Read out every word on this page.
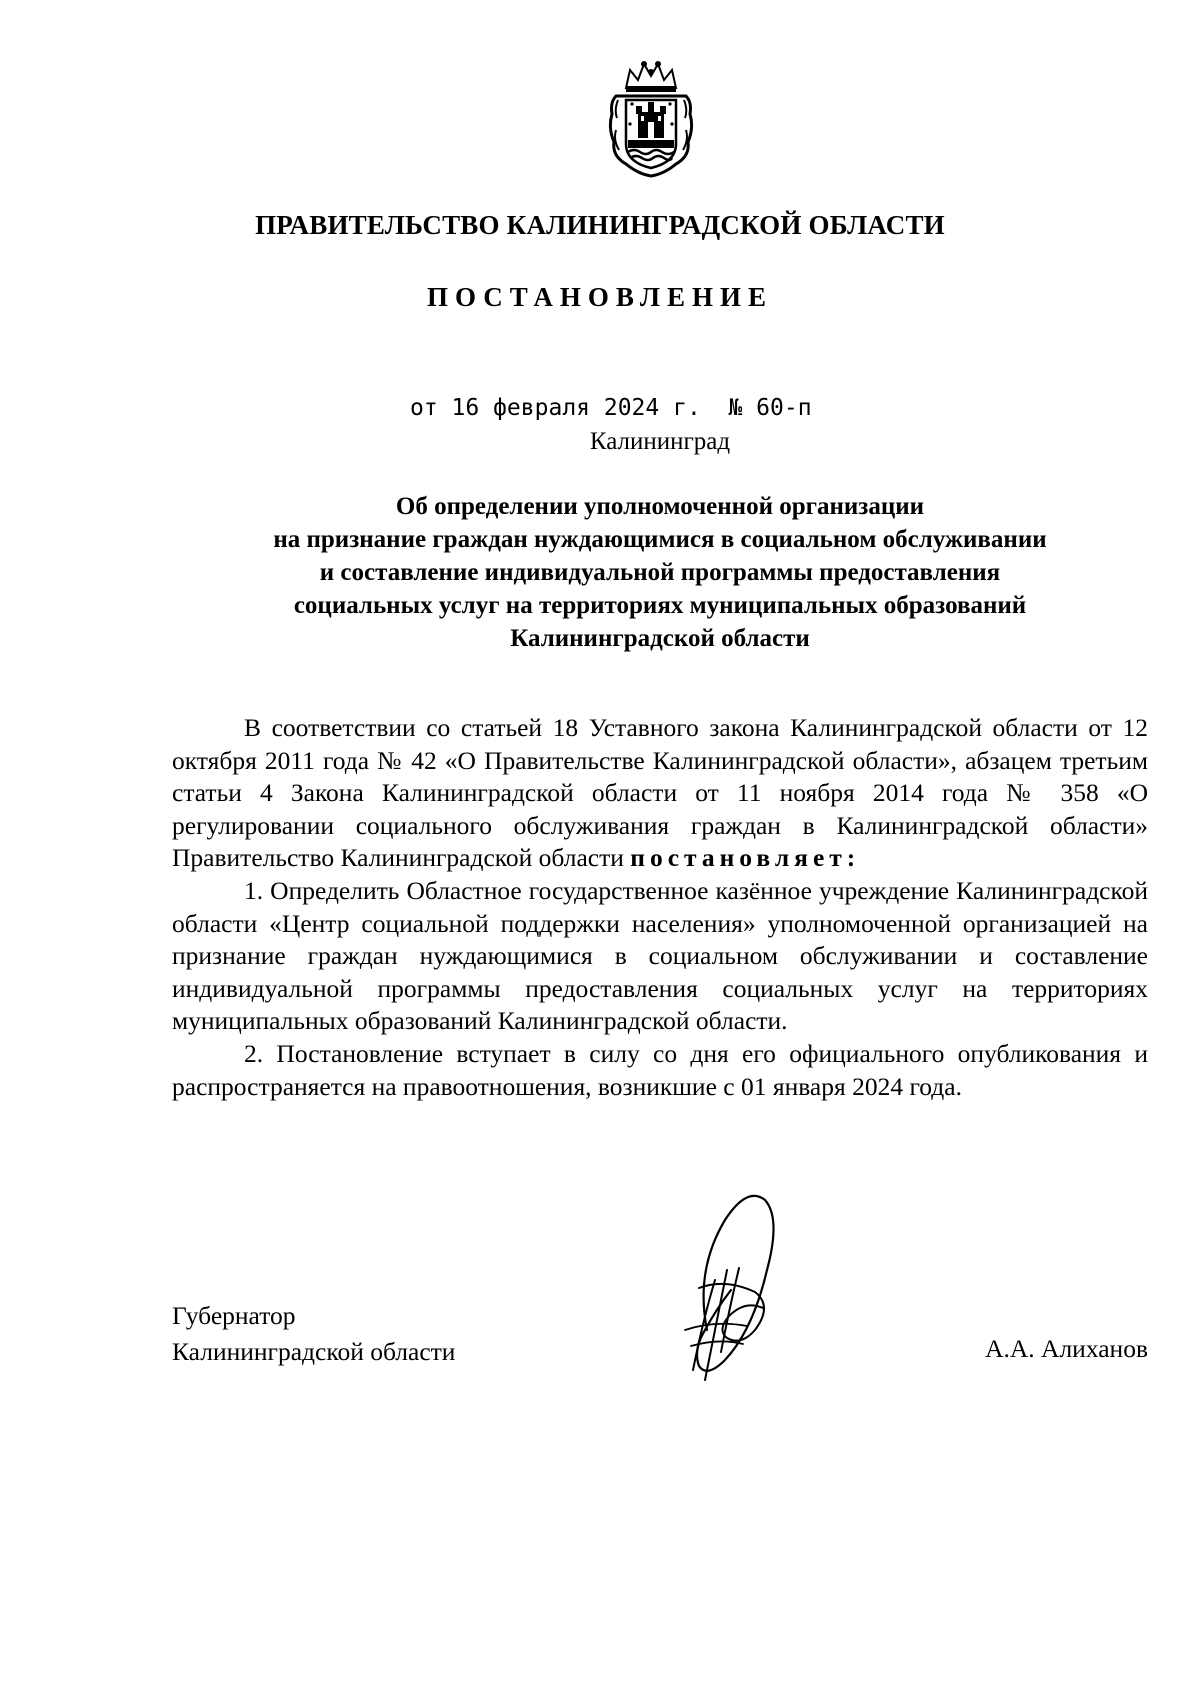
ПРАВИТЕЛЬСТВО КАЛИНИНГРАДСКОЙ ОБЛАСТИ
ПОСТАНОВЛЕНИЕ
от 16 февраля 2024 г.  № 60-п
Калининград
Об определении уполномоченной организации
на признание граждан нуждающимися в социальном обслуживании
и составление индивидуальной программы предоставления
социальных услуг на территориях муниципальных образований
Калининградской области

В соответствии со статьей 18 Уставного закона Калининградской области от 12 октября 2011 года № 42 «О Правительстве Калининградской области», абзацем третьим статьи 4 Закона Калининградской области от 11 ноября 2014 года № 358 «О регулировании социального обслуживания граждан в Калининградской области» Правительство Калининградской области постановляет:

1. Определить Областное государственное казённое учреждение Калининградской области «Центр социальной поддержки населения» уполномоченной организацией на признание граждан нуждающимися в социальном обслуживании и составление индивидуальной программы предоставления социальных услуг на территориях муниципальных образований Калининградской области.

2. Постановление вступает в силу со дня его официального опубликования и распространяется на правоотношения, возникшие с 01 января 2024 года.

Губернатор
Калининградской области	А.А. Алиханов
